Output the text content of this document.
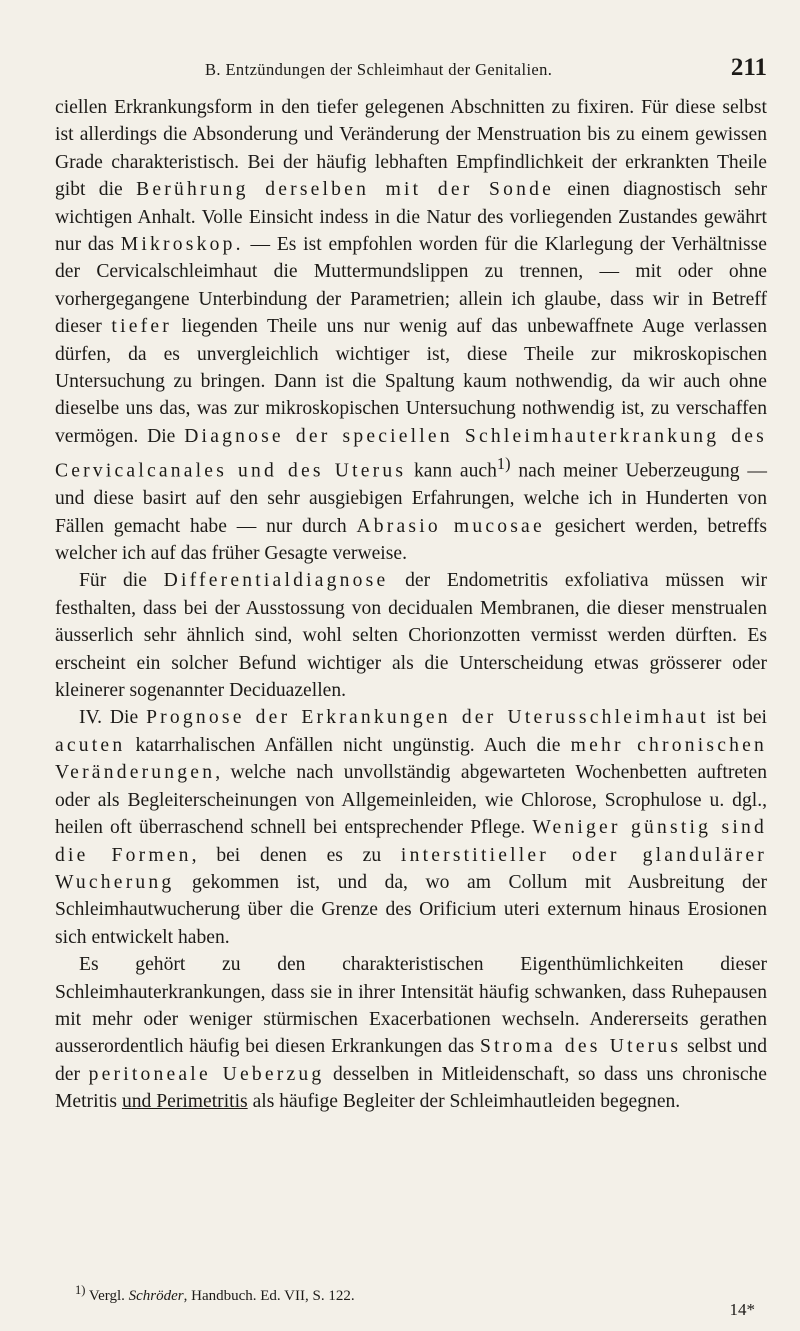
B. Entzündungen der Schleimhaut der Genitalien.	211

ciellen Erkrankungsform in den tiefer gelegenen Abschnitten zu fixiren. Für diese selbst ist allerdings die Absonderung und Veränderung der Menstruation bis zu einem gewissen Grade charakteristisch. Bei der häufig lebhaften Empfindlichkeit der erkrankten Theile gibt die Berührung derselben mit der Sonde einen diagnostisch sehr wichtigen Anhalt. Volle Einsicht indess in die Natur des vorliegenden Zustandes gewährt nur das Mikroskop. — Es ist empfohlen worden für die Klarlegung der Verhältnisse der Cervicalschleimhaut die Muttermundslippen zu trennen, — mit oder ohne vorhergegangene Unterbindung der Parametrien; allein ich glaube, dass wir in Betreff dieser tiefer liegenden Theile uns nur wenig auf das unbewaffnete Auge verlassen dürfen, da es unvergleichlich wichtiger ist, diese Theile zur mikroskopischen Untersuchung zu bringen. Dann ist die Spaltung kaum nothwendig, da wir auch ohne dieselbe uns das, was zur mikroskopischen Untersuchung nothwendig ist, zu verschaffen vermögen. Die Diagnose der speciellen Schleimhauterkrankung des Cervicalcanales und des Uterus kann auch$^{1)}$ nach meiner Ueberzeugung — und diese basirt auf den sehr ausgiebigen Erfahrungen, welche ich in Hunderten von Fällen gemacht habe — nur durch Abrasio mucosae gesichert werden, betreffs welcher ich auf das früher Gesagte verweise.

Für die Differentialdiagnose der Endometritis exfoliativa müssen wir festhalten, dass bei der Ausstossung von decidualen Membranen, die dieser menstrualen äusserlich sehr ähnlich sind, wohl selten Chorionzotten vermisst werden dürften. Es erscheint ein solcher Befund wichtiger als die Unterscheidung etwas grösserer oder kleinerer sogenannter Deciduazellen.

IV. Die Prognose der Erkrankungen der Uterusschleimhaut ist bei acuten katarrhalischen Anfällen nicht ungünstig. Auch die mehr chronischen Veränderungen, welche nach unvollständig abgewarteten Wochenbetten auftreten oder als Begleiterscheinungen von Allgemeinleiden, wie Chlorose, Scrophulose u. dgl., heilen oft überraschend schnell bei entsprechender Pflege. Weniger günstig sind die Formen, bei denen es zu interstitieller oder glandulärer Wucherung gekommen ist, und da, wo am Collum mit Ausbreitung der Schleimhautwucherung über die Grenze des Orificium uteri externum hinaus Erosionen sich entwickelt haben.

Es gehört zu den charakteristischen Eigenthümlichkeiten dieser Schleimhauterkrankungen, dass sie in ihrer Intensität häufig schwanken, dass Ruhepausen mit mehr oder weniger stürmischen Exacerbationen wechseln. Andererseits gerathen ausserordentlich häufig bei diesen Erkrankungen das Stroma des Uterus selbst und der peritoneale Ueberzug desselben in Mitleidenschaft, so dass uns chronische Metritis und Perimetritis als häufige Begleiter der Schleimhautleiden begegnen.

$^{1)}$ Vergl. Schröder, Handbuch. Ed. VII, S. 122.
14*
